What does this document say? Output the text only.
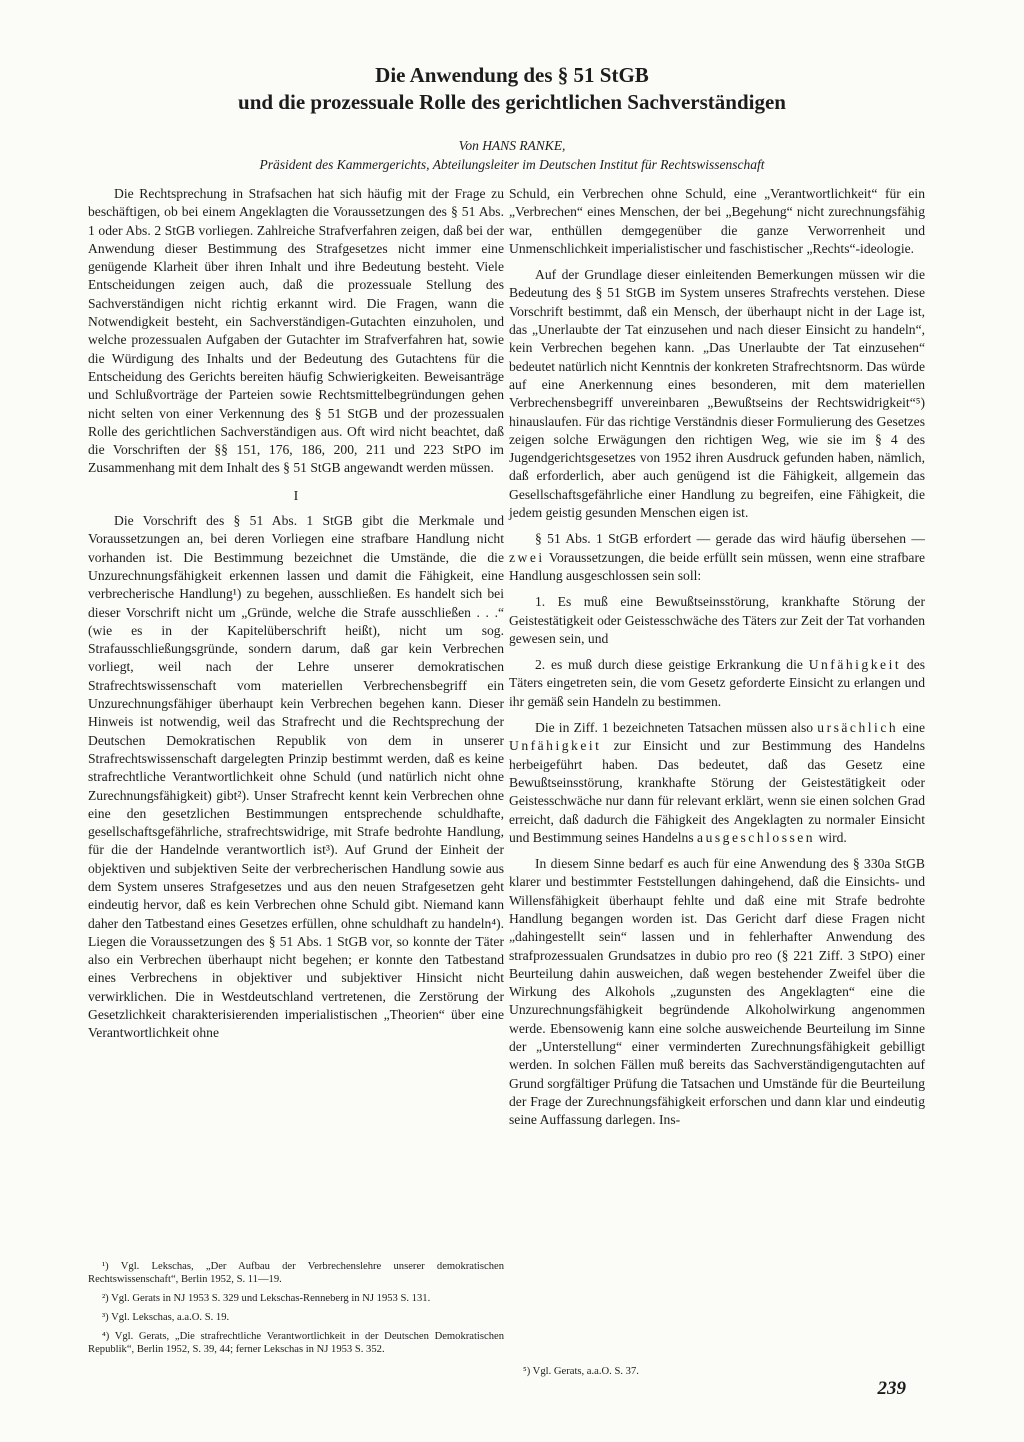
Die Anwendung des § 51 StGB
und die prozessuale Rolle des gerichtlichen Sachverständigen
Von HANS RANKE,
Präsident des Kammergerichts, Abteilungsleiter im Deutschen Institut für Rechtswissenschaft

Die Rechtsprechung in Strafsachen hat sich häufig mit der Frage zu beschäftigen, ob bei einem Angeklagten die Voraussetzungen des § 51 Abs. 1 oder Abs. 2 StGB vorliegen. Zahlreiche Strafverfahren zeigen, daß bei der Anwendung dieser Bestimmung des Strafgesetzes nicht immer eine genügende Klarheit über ihren Inhalt und ihre Bedeutung besteht. Viele Entscheidungen zeigen auch, daß die prozessuale Stellung des Sachverständigen nicht richtig erkannt wird. Die Fragen, wann die Notwendigkeit besteht, ein Sachverständigen-Gutachten einzuholen, und welche prozessualen Aufgaben der Gutachter im Strafverfahren hat, sowie die Würdigung des Inhalts und der Bedeutung des Gutachtens für die Entscheidung des Gerichts bereiten häufig Schwierigkeiten. Beweisanträge und Schlußvorträge der Parteien sowie Rechtsmittelbegründungen gehen nicht selten von einer Verkennung des § 51 StGB und der prozessualen Rolle des gerichtlichen Sachverständigen aus. Oft wird nicht beachtet, daß die Vorschriften der §§ 151, 176, 186, 200, 211 und 223 StPO im Zusammenhang mit dem Inhalt des § 51 StGB angewandt werden müssen.

I

Die Vorschrift des § 51 Abs. 1 StGB gibt die Merkmale und Voraussetzungen an, bei deren Vorliegen eine strafbare Handlung nicht vorhanden ist. Die Bestimmung bezeichnet die Umstände, die die Unzurechnungsfähigkeit erkennen lassen und damit die Fähigkeit, eine verbrecherische Handlung¹) zu begehen, ausschließen. Es handelt sich bei dieser Vorschrift nicht um „Gründe, welche die Strafe ausschließen . . .“ (wie es in der Kapitelüberschrift heißt), nicht um sog. Strafausschließungsgründe, sondern darum, daß gar kein Verbrechen vorliegt, weil nach der Lehre unserer demokratischen Strafrechtswissenschaft vom materiellen Verbrechensbegriff ein Unzurechnungsfähiger überhaupt kein Verbrechen begehen kann. Dieser Hinweis ist notwendig, weil das Strafrecht und die Rechtsprechung der Deutschen Demokratischen Republik von dem in unserer Strafrechtswissenschaft dargelegten Prinzip bestimmt werden, daß es keine strafrechtliche Verantwortlichkeit ohne Schuld (und natürlich nicht ohne Zurechnungsfähigkeit) gibt²). Unser Strafrecht kennt kein Verbrechen ohne eine den gesetzlichen Bestimmungen entsprechende schuldhafte, gesellschaftsgefährliche, strafrechtswidrige, mit Strafe bedrohte Handlung, für die der Handelnde verantwortlich ist³). Auf Grund der Einheit der objektiven und subjektiven Seite der verbrecherischen Handlung sowie aus dem System unseres Strafgesetzes und aus den neuen Strafgesetzen geht eindeutig hervor, daß es kein Verbrechen ohne Schuld gibt. Niemand kann daher den Tatbestand eines Gesetzes erfüllen, ohne schuldhaft zu handeln⁴). Liegen die Voraussetzungen des § 51 Abs. 1 StGB vor, so konnte der Täter also ein Verbrechen überhaupt nicht begehen; er konnte den Tatbestand eines Verbrechens in objektiver und subjektiver Hinsicht nicht verwirklichen. Die in Westdeutschland vertretenen, die Zerstörung der Gesetzlichkeit charakterisierenden imperialistischen „Theorien“ über eine Verantwortlichkeit ohne

Schuld, ein Verbrechen ohne Schuld, eine „Verantwortlichkeit“ für ein „Verbrechen“ eines Menschen, der bei „Begehung“ nicht zurechnungsfähig war, enthüllen demgegenüber die ganze Verworrenheit und Unmenschlichkeit imperialistischer und faschistischer „Rechts“-ideologie.

Auf der Grundlage dieser einleitenden Bemerkungen müssen wir die Bedeutung des § 51 StGB im System unseres Strafrechts verstehen. Diese Vorschrift bestimmt, daß ein Mensch, der überhaupt nicht in der Lage ist, das „Unerlaubte der Tat einzusehen und nach dieser Einsicht zu handeln“, kein Verbrechen begehen kann. „Das Unerlaubte der Tat einzusehen“ bedeutet natürlich nicht Kenntnis der konkreten Strafrechtsnorm. Das würde auf eine Anerkennung eines besonderen, mit dem materiellen Verbrechensbegriff unvereinbaren „Bewußtseins der Rechtswidrigkeit“⁵) hinauslaufen. Für das richtige Verständnis dieser Formulierung des Gesetzes zeigen solche Erwägungen den richtigen Weg, wie sie im § 4 des Jugendgerichtsgesetzes von 1952 ihren Ausdruck gefunden haben, nämlich, daß erforderlich, aber auch genügend ist die Fähigkeit, allgemein das Gesellschaftsgefährliche einer Handlung zu begreifen, eine Fähigkeit, die jedem geistig gesunden Menschen eigen ist.

§ 51 Abs. 1 StGB erfordert — gerade das wird häufig übersehen — zwei Voraussetzungen, die beide erfüllt sein müssen, wenn eine strafbare Handlung ausgeschlossen sein soll:

1. Es muß eine Bewußtseinsstörung, krankhafte Störung der Geistestätigkeit oder Geistesschwäche des Täters zur Zeit der Tat vorhanden gewesen sein, und

2. es muß durch diese geistige Erkrankung die Unfähigkeit des Täters eingetreten sein, die vom Gesetz geforderte Einsicht zu erlangen und ihr gemäß sein Handeln zu bestimmen.

Die in Ziff. 1 bezeichneten Tatsachen müssen also ursächlich eine Unfähigkeit zur Einsicht und zur Bestimmung des Handelns herbeigeführt haben. Das bedeutet, daß das Gesetz eine Bewußtseinsstörung, krankhafte Störung der Geistestätigkeit oder Geistesschwäche nur dann für relevant erklärt, wenn sie einen solchen Grad erreicht, daß dadurch die Fähigkeit des Angeklagten zu normaler Einsicht und Bestimmung seines Handelns ausgeschlossen wird.

In diesem Sinne bedarf es auch für eine Anwendung des § 330a StGB klarer und bestimmter Feststellungen dahingehend, daß die Einsichts- und Willensfähigkeit überhaupt fehlte und daß eine mit Strafe bedrohte Handlung begangen worden ist. Das Gericht darf diese Fragen nicht „dahingestellt sein“ lassen und in fehlerhafter Anwendung des strafprozessualen Grundsatzes in dubio pro reo (§ 221 Ziff. 3 StPO) einer Beurteilung dahin ausweichen, daß wegen bestehender Zweifel über die Wirkung des Alkohols „zugunsten des Angeklagten“ eine die Unzurechnungsfähigkeit begründende Alkoholwirkung angenommen werde. Ebensowenig kann eine solche ausweichende Beurteilung im Sinne der „Unterstellung“ einer verminderten Zurechnungsfähigkeit gebilligt werden. In solchen Fällen muß bereits das Sachverständigengutachten auf Grund sorgfältiger Prüfung die Tatsachen und Umstände für die Beurteilung der Frage der Zurechnungsfähigkeit erforschen und dann klar und eindeutig seine Auffassung darlegen. Ins-

¹) Vgl. Lekschas, „Der Aufbau der Verbrechenslehre unserer demokratischen Rechtswissenschaft“, Berlin 1952, S. 11—19.
²) Vgl. Gerats in NJ 1953 S. 329 und Lekschas-Renneberg in NJ 1953 S. 131.
³) Vgl. Lekschas, a.a.O. S. 19.
⁴) Vgl. Gerats, „Die strafrechtliche Verantwortlichkeit in der Deutschen Demokratischen Republik“, Berlin 1952, S. 39, 44; ferner Lekschas in NJ 1953 S. 352.
⁵) Vgl. Gerats, a.a.O. S. 37.
239
